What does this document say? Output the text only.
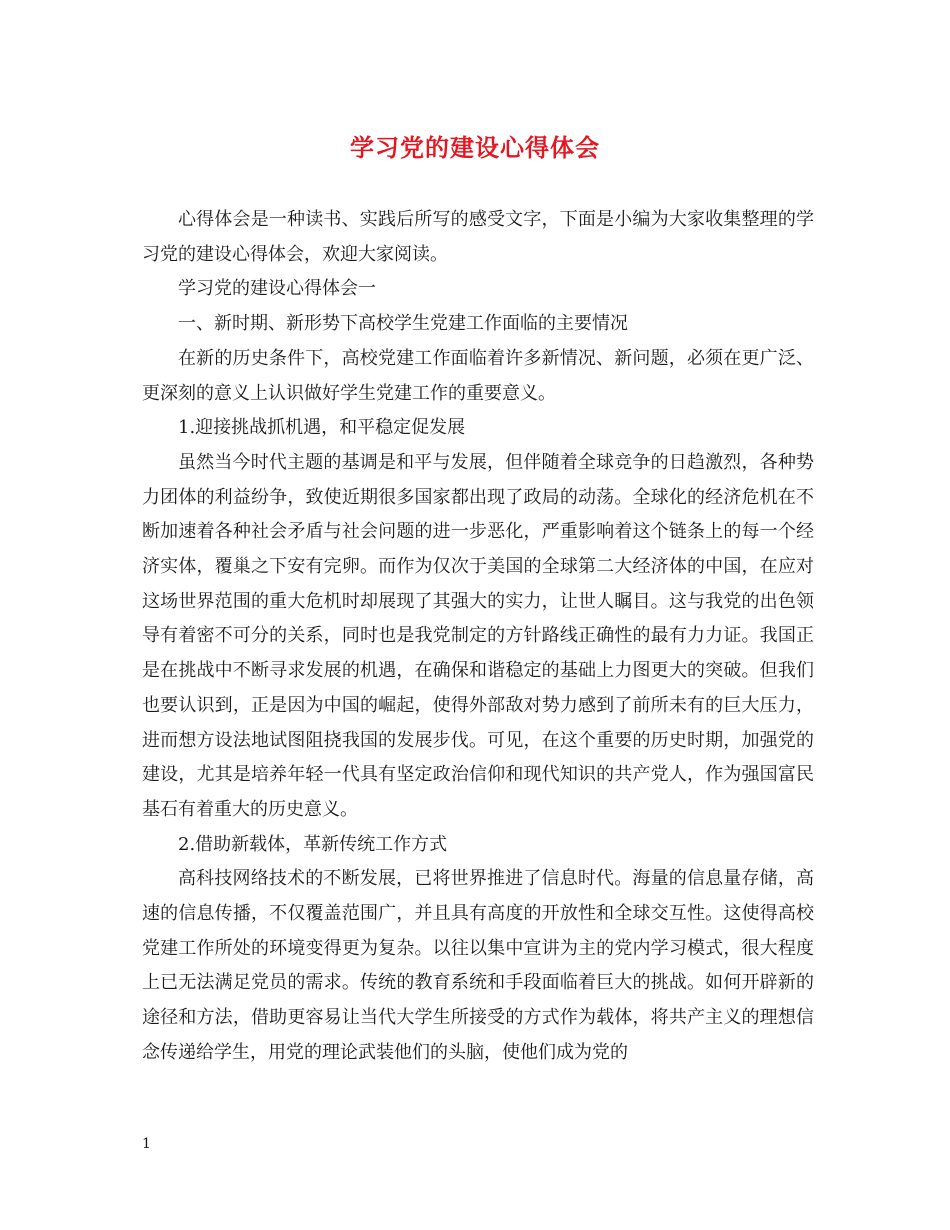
学习党的建设心得体会

心得体会是一种读书、实践后所写的感受文字，下面是小编为大家收集整理的学习党的建设心得体会，欢迎大家阅读。

学习党的建设心得体会一

一、新时期、新形势下高校学生党建工作面临的主要情况

在新的历史条件下，高校党建工作面临着许多新情况、新问题，必须在更广泛、更深刻的意义上认识做好学生党建工作的重要意义。

1.迎接挑战抓机遇，和平稳定促发展

虽然当今时代主题的基调是和平与发展，但伴随着全球竞争的日趋激烈，各种势力团体的利益纷争，致使近期很多国家都出现了政局的动荡。全球化的经济危机在不断加速着各种社会矛盾与社会问题的进一步恶化，严重影响着这个链条上的每一个经济实体，覆巢之下安有完卵。而作为仅次于美国的全球第二大经济体的中国，在应对这场世界范围的重大危机时却展现了其强大的实力，让世人瞩目。这与我党的出色领导有着密不可分的关系，同时也是我党制定的方针路线正确性的最有力力证。我国正是在挑战中不断寻求发展的机遇，在确保和谐稳定的基础上力图更大的突破。但我们也要认识到，正是因为中国的崛起，使得外部敌对势力感到了前所未有的巨大压力，进而想方设法地试图阻挠我国的发展步伐。可见，在这个重要的历史时期，加强党的建设，尤其是培养年轻一代具有坚定政治信仰和现代知识的共产党人，作为强国富民基石有着重大的历史意义。

2.借助新载体，革新传统工作方式

高科技网络技术的不断发展，已将世界推进了信息时代。海量的信息量存储，高速的信息传播，不仅覆盖范围广，并且具有高度的开放性和全球交互性。这使得高校党建工作所处的环境变得更为复杂。以往以集中宣讲为主的党内学习模式，很大程度上已无法满足党员的需求。传统的教育系统和手段面临着巨大的挑战。如何开辟新的途径和方法，借助更容易让当代大学生所接受的方式作为载体，将共产主义的理想信念传递给学生，用党的理论武装他们的头脑，使他们成为党的

1
